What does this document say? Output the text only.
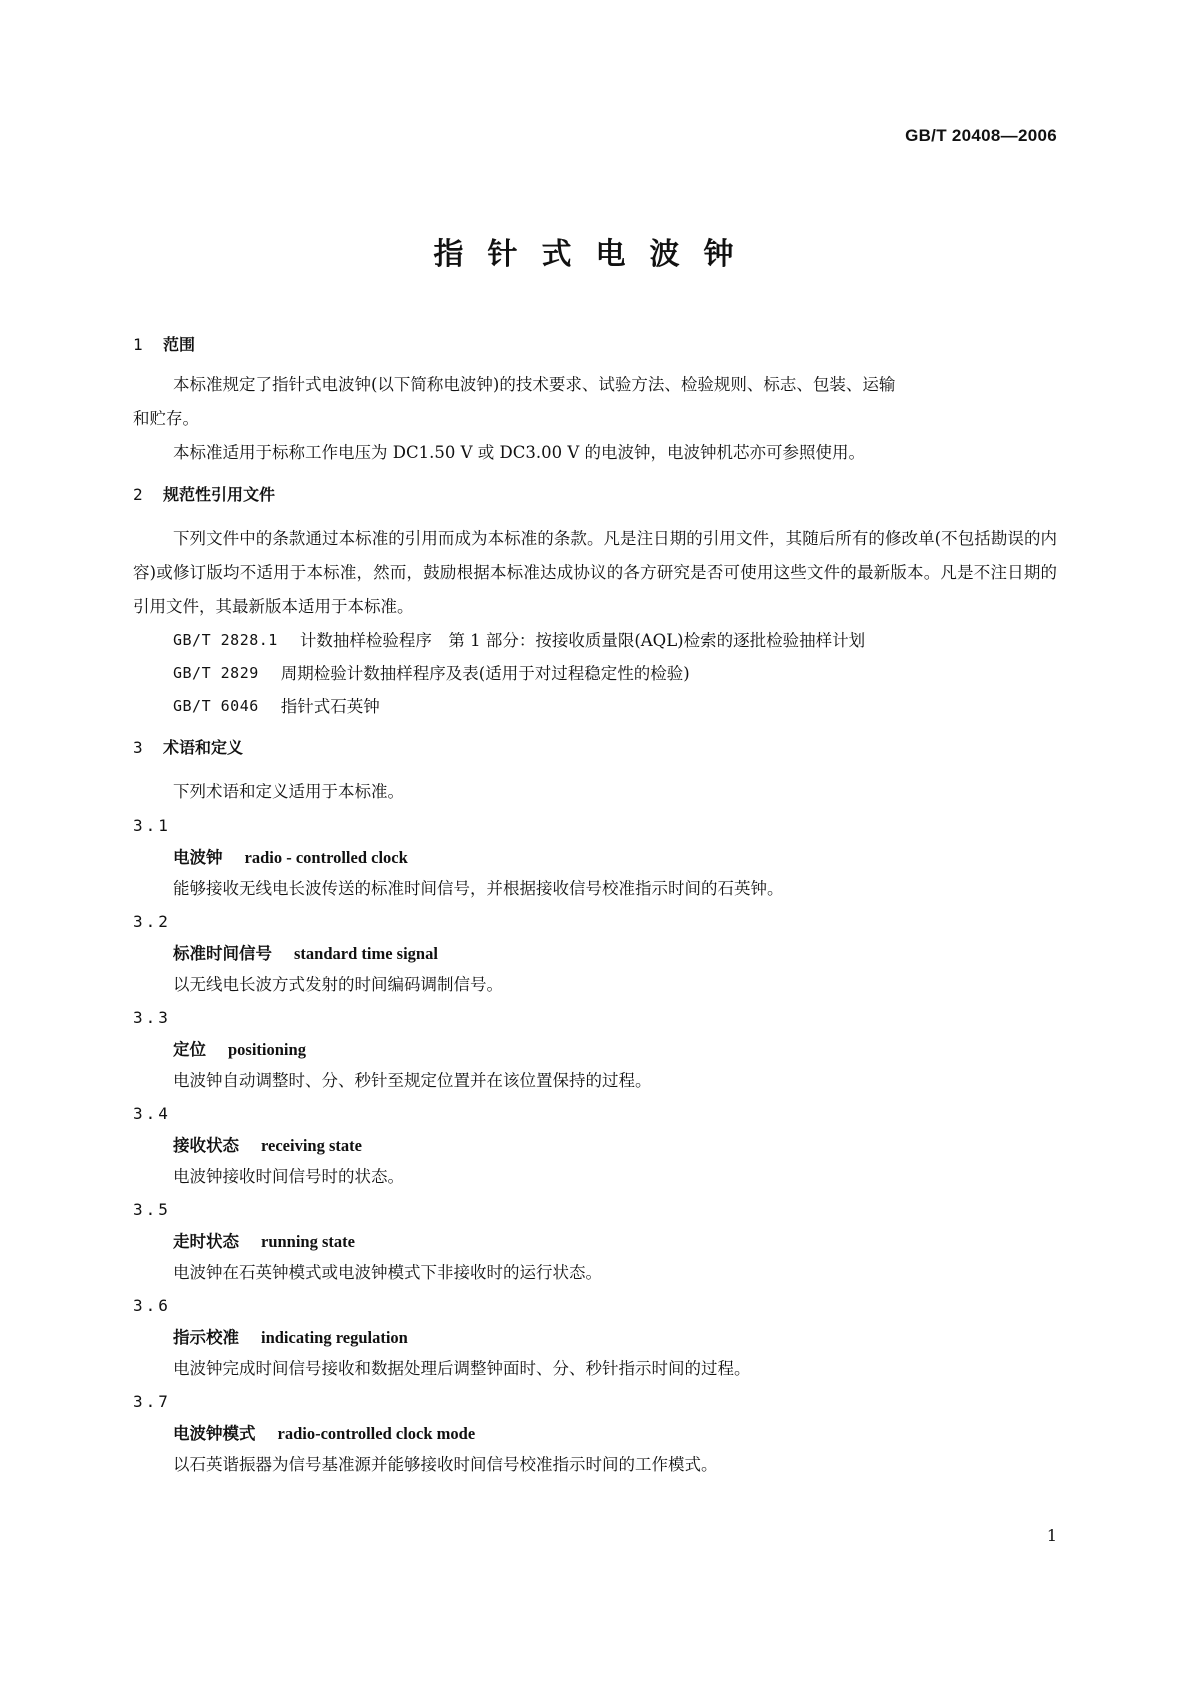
GB/T 20408—2006
指针式电波钟
1	范围

本标准规定了指针式电波钟(以下简称电波钟)的技术要求、试验方法、检验规则、标志、包装、运输

和贮存。

本标准适用于标称工作电压为 DC1.50 V 或 DC3.00 V 的电波钟，电波钟机芯亦可参照使用。

2	规范性引用文件

下列文件中的条款通过本标准的引用而成为本标准的条款。凡是注日期的引用文件，其随后所有的修改单(不包括勘误的内容)或修订版均不适用于本标准，然而，鼓励根据本标准达成协议的各方研究是否可使用这些文件的最新版本。凡是不注日期的引用文件，其最新版本适用于本标准。

GB/T 2828.1 计数抽样检验程序　第 1 部分：按接收质量限(AQL)检索的逐批检验抽样计划
GB/T 2829 周期检验计数抽样程序及表(适用于对过程稳定性的检验)
GB/T 6046 指针式石英钟
3	术语和定义

下列术语和定义适用于本标准。

3.1
电波钟 radio - controlled clock
能够接收无线电长波传送的标准时间信号，并根据接收信号校准指示时间的石英钟。
3.2
标准时间信号 standard time signal
以无线电长波方式发射的时间编码调制信号。
3.3
定位 positioning
电波钟自动调整时、分、秒针至规定位置并在该位置保持的过程。
3.4
接收状态 receiving state
电波钟接收时间信号时的状态。
3.5
走时状态 running state
电波钟在石英钟模式或电波钟模式下非接收时的运行状态。
3.6
指示校准 indicating regulation
电波钟完成时间信号接收和数据处理后调整钟面时、分、秒针指示时间的过程。
3.7
电波钟模式 radio-controlled clock mode
以石英谐振器为信号基准源并能够接收时间信号校准指示时间的工作模式。
1
